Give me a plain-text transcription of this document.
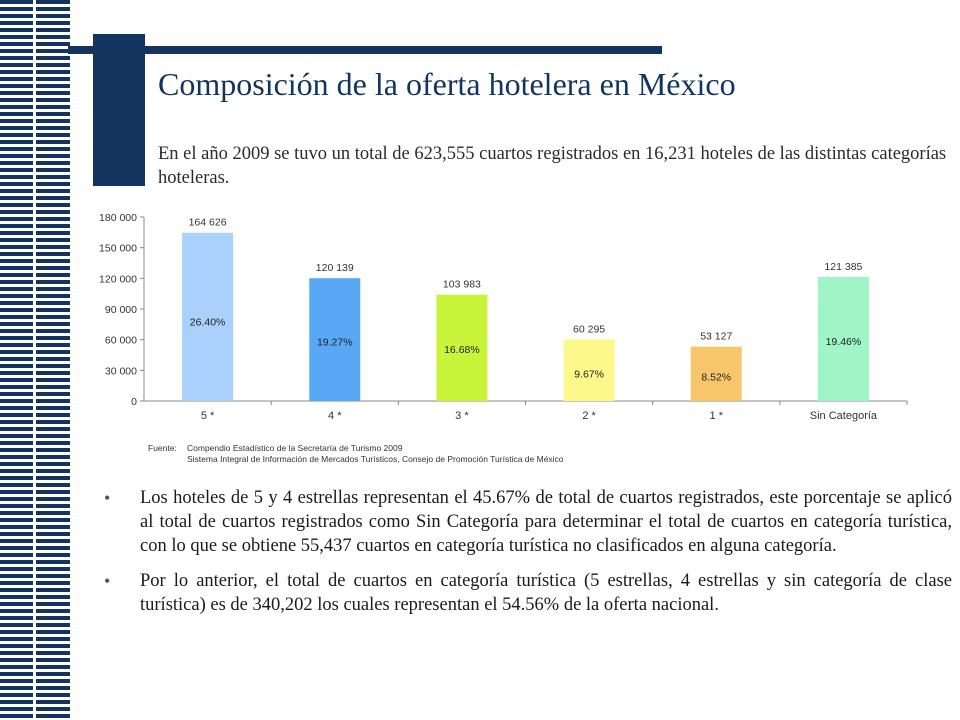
Composición de la oferta hotelera en México

En el año 2009 se tuvo un total de 623,555 cuartos registrados en 16,231 hoteles de las distintas categorías hoteleras.

0
30 000
60 000
90 000
120 000
150 000
180 000
5 *
164 626
26.40%
4 *
120 139
19.27%
3 *
103 983
16.68%
2 *
60 295
9.67%
1 *
53 127
8.52%
Sin Categoría
121 385
19.46%
Fuente: Compendio Estadístico de la Secretaría de Turismo 2009
Sistema Integral de Información de Mercados Turísticos, Consejo de Promoción Turística de México
• Los hoteles de 5 y 4 estrellas representan el 45.67% de total de cuartos registrados, este porcentaje se aplicó al total de cuartos registrados como Sin Categoría para determinar el total de cuartos en categoría turística, con lo que se obtiene 55,437 cuartos en categoría turística no clasificados en alguna categoría.
• Por lo anterior, el total de cuartos en categoría turística (5 estrellas, 4 estrellas y sin categoría de clase turística) es de 340,202 los cuales representan el 54.56% de la oferta nacional.
